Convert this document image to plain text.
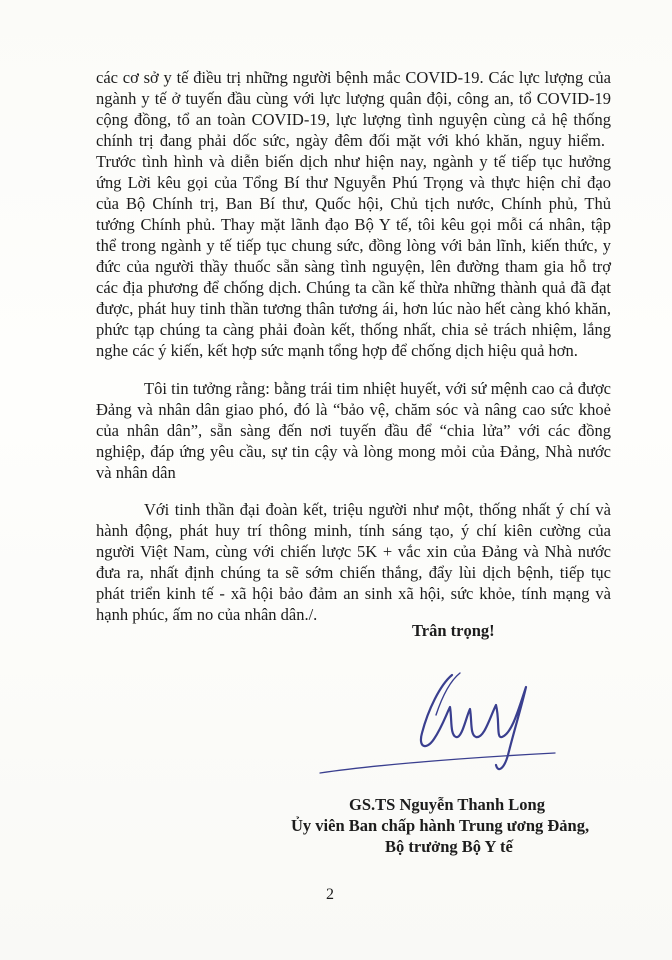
các cơ sở y tế điều trị những người bệnh mắc COVID-19. Các lực lượng của
ngành y tế ở tuyến đầu cùng với lực lượng quân đội, công an, tổ COVID-19
cộng đồng, tổ an toàn COVID-19, lực lượng tình nguyện cùng cả hệ thống
chính trị đang phải dốc sức, ngày đêm đối mặt với khó khăn, nguy hiểm.
Trước tình hình và diễn biến dịch như hiện nay, ngành y tế tiếp tục hưởng
ứng Lời kêu gọi của Tổng Bí thư Nguyễn Phú Trọng và thực hiện chỉ đạo
của Bộ Chính trị, Ban Bí thư, Quốc hội, Chủ tịch nước, Chính phủ, Thủ
tướng Chính phủ. Thay mặt lãnh đạo Bộ Y tế, tôi kêu gọi mỗi cá nhân, tập
thể trong ngành y tế tiếp tục chung sức, đồng lòng với bản lĩnh, kiến thức, y
đức của người thầy thuốc sẵn sàng tình nguyện, lên đường tham gia hỗ trợ
các địa phương để chống dịch. Chúng ta cần kế thừa những thành quả đã đạt
được, phát huy tinh thần tương thân tương ái, hơn lúc nào hết càng khó khăn,
phức tạp chúng ta càng phải đoàn kết, thống nhất, chia sẻ trách nhiệm, lắng
nghe các ý kiến, kết hợp sức mạnh tổng hợp để chống dịch hiệu quả hơn.
Tôi tin tưởng rằng: bằng trái tim nhiệt huyết, với sứ mệnh cao cả được
Đảng và nhân dân giao phó, đó là “bảo vệ, chăm sóc và nâng cao sức khoẻ
của nhân dân”, sẵn sàng đến nơi tuyến đầu để “chia lửa” với các đồng
nghiệp, đáp ứng yêu cầu, sự tin cậy và lòng mong mỏi của Đảng, Nhà nước
và nhân dân
Với tinh thần đại đoàn kết, triệu người như một, thống nhất ý chí và
hành động, phát huy trí thông minh, tính sáng tạo, ý chí kiên cường của
người Việt Nam, cùng với chiến lược 5K + vắc xin của Đảng và Nhà nước
đưa ra, nhất định chúng ta sẽ sớm chiến thắng, đẩy lùi dịch bệnh, tiếp tục
phát triển kinh tế - xã hội bảo đảm an sinh xã hội, sức khỏe, tính mạng và
hạnh phúc, ấm no của nhân dân./.
Trân trọng!
GS.TS Nguyễn Thanh Long
Ủy viên Ban chấp hành Trung ương Đảng,
Bộ trưởng Bộ Y tế
2
